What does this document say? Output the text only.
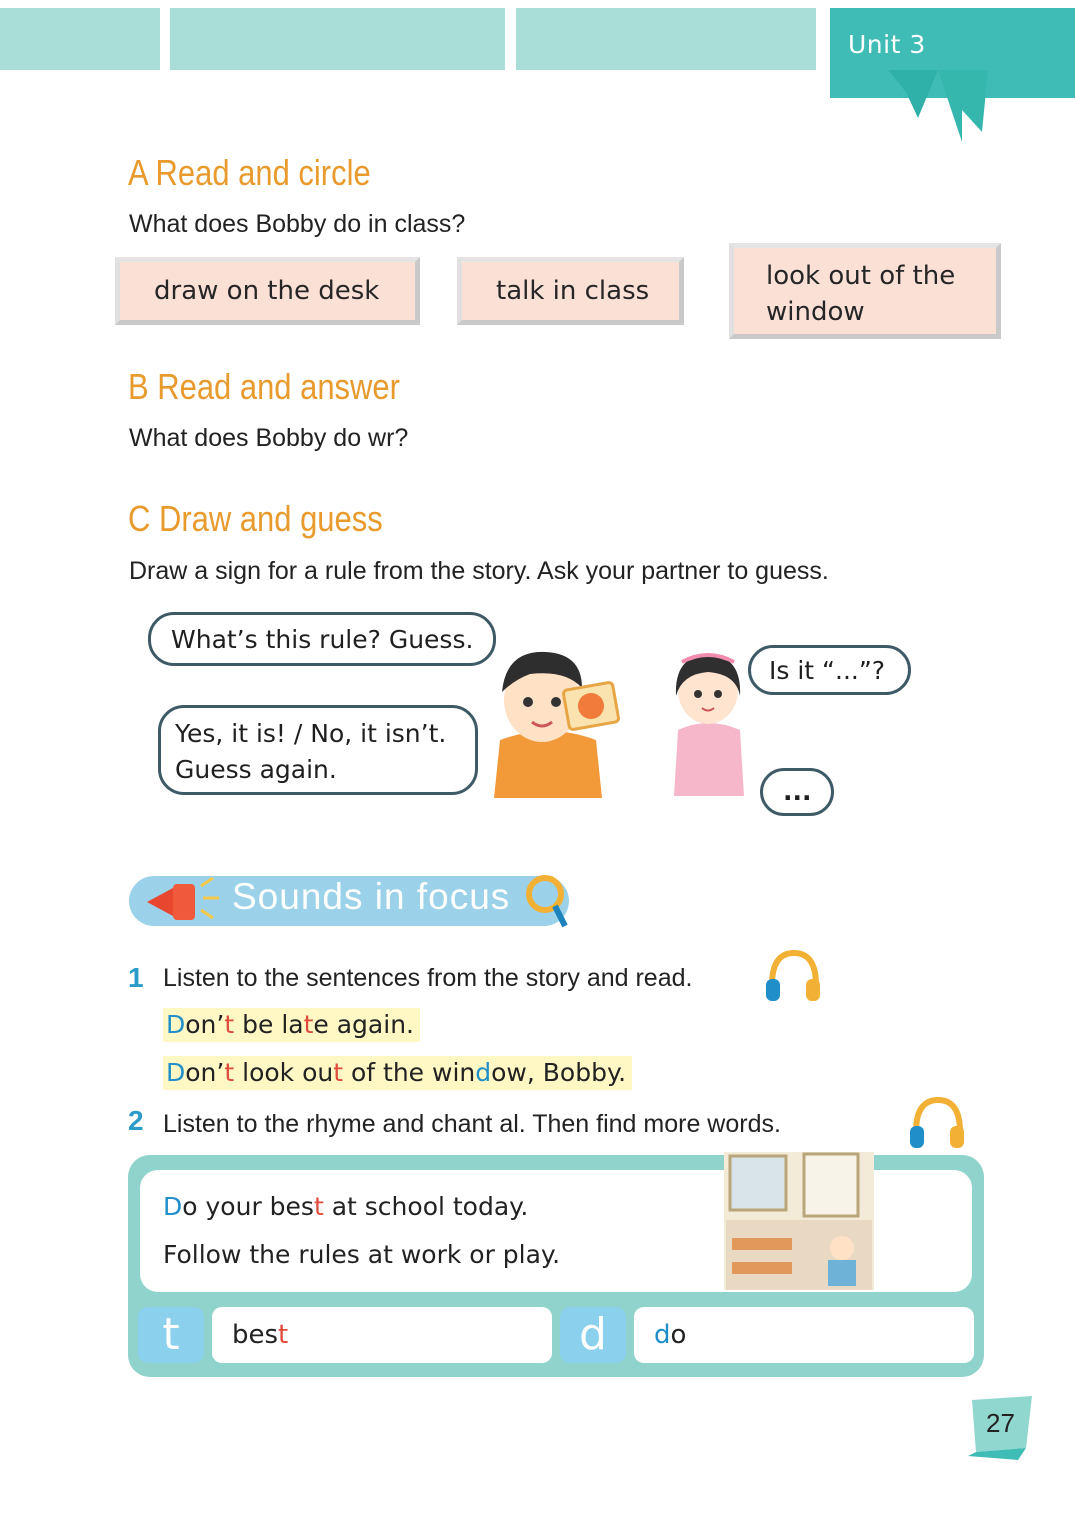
Unit 3
A Read and circle
What does Bobby do in class?
draw on the desk	talk in class	look out of the window
B Read and answer
What does Bobby do wr?
C Draw and guess
Draw a sign for a rule from the story. Ask your partner to guess.
What’s this rule? Guess.
Yes, it is! / No, it isn’t.
Guess again.
Is it “...”?
...
Sounds in focus
1 Listen to the sentences from the story and read.
Don’t be late again.
Don’t look out of the window, Bobby.
2 Listen to the rhyme and chant al. Then find more words.
Do your best at school today.
Follow the rules at work or play.
t	best	d	do
27
